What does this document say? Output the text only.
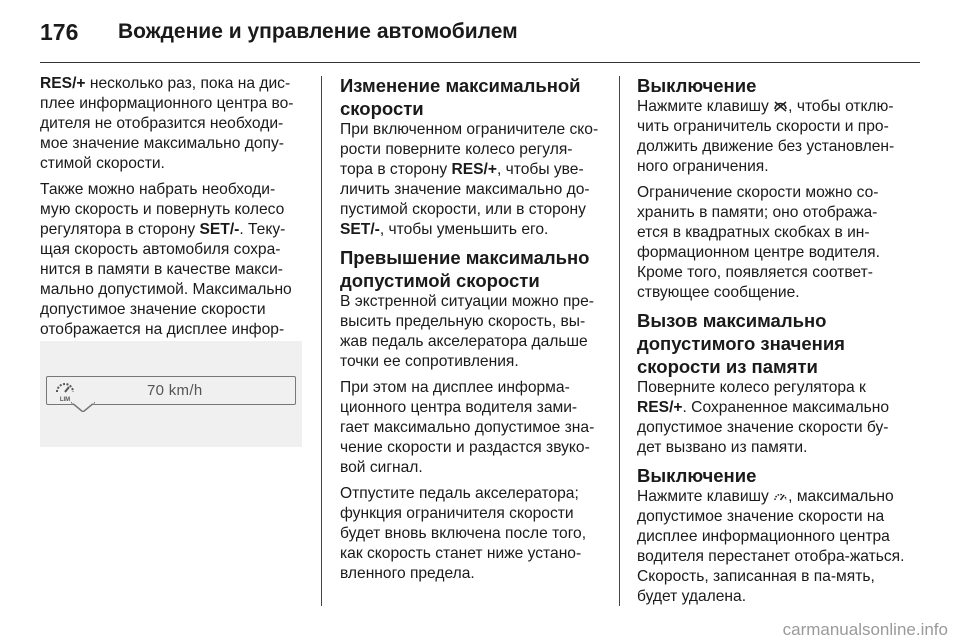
176	Вождение и управление автомобилем

RES/+ несколько раз, пока на дис-плее информационного центра во-дителя не отобразится необходи-мое значение максимально допу-стимой скорости.

Также можно набрать необходи-мую скорость и повернуть колесо регулятора в сторону SET/-. Теку-щая скорость автомобиля сохра-нится в памяти в качестве макси-мально допустимой. Максимально допустимое значение скорости отображается на дисплее инфор-

LIM
70 km/h
Изменение максимальной скорости

При включенном ограничителе ско-рости поверните колесо регуля-тора в сторону RES/+, чтобы уве-личить значение максимально до-пустимой скорости, или в сторону SET/-, чтобы уменьшить его.

Превышение максимально допустимой скорости

В экстренной ситуации можно пре-высить предельную скорость, вы-жав педаль акселератора дальше точки ее сопротивления.

При этом на дисплее информа-ционного центра водителя зами-гает максимально допустимое зна-чение скорости и раздастся звуко-вой сигнал.

Отпустите педаль акселератора; функция ограничителя скорости будет вновь включена после того, как скорость станет ниже устано-вленного предела.

Выключение

Нажмите клавишу , чтобы отклю-чить ограничитель скорости и про-должить движение без установлен-ного ограничения.

Ограничение скорости можно со-хранить в памяти; оно отобража-ется в квадратных скобках в ин-формационном центре водителя. Кроме того, появляется соответ-ствующее сообщение.

Вызов максимально допустимого значения скорости из памяти

Поверните колесо регулятора к RES/+. Сохраненное максимально допустимое значение скорости бу-дет вызвано из памяти.

Выключение

Нажмите клавишу , максимально допустимое значение скорости на дисплее информационного центра водителя перестанет отобра-жаться. Скорость, записанная в па-мять, будет удалена.

carmanualsonline.info
